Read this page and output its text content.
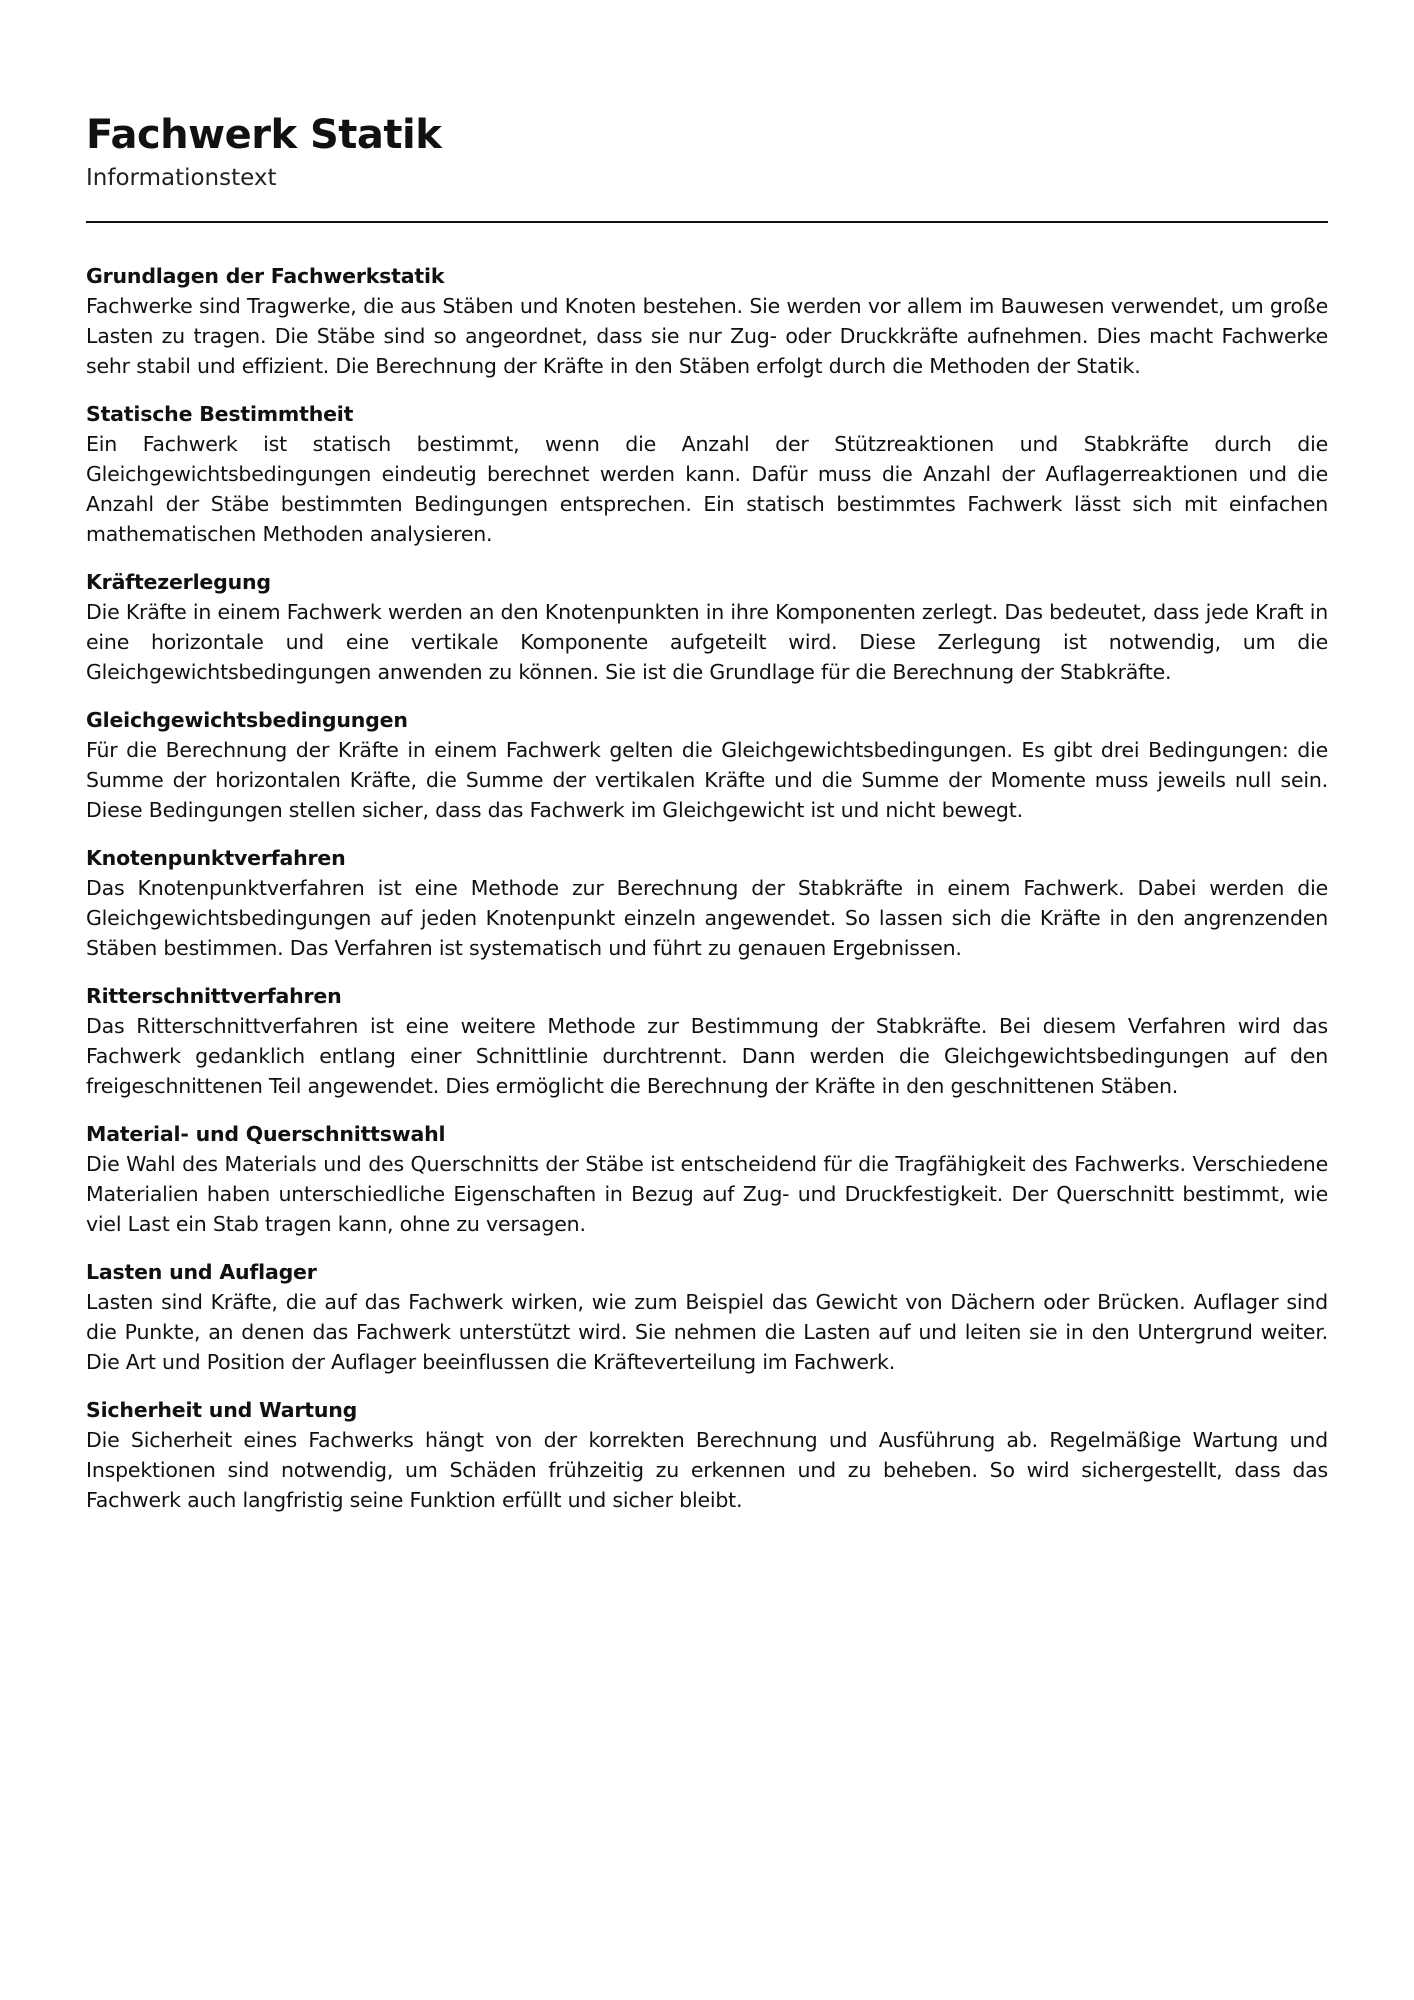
Fachwerk Statik
Informationstext
Grundlagen der Fachwerkstatik

Fachwerke sind Tragwerke, die aus Stäben und Knoten bestehen. Sie werden vor allem im Bauwesen verwendet, um große Lasten zu tragen. Die Stäbe sind so angeordnet, dass sie nur Zug- oder Druckkräfte aufnehmen. Dies macht Fachwerke sehr stabil und effizient. Die Berechnung der Kräfte in den Stäben erfolgt durch die Methoden der Statik.

Statische Bestimmtheit

Ein Fachwerk ist statisch bestimmt, wenn die Anzahl der Stützreaktionen und Stabkräfte durch die Gleichgewichtsbedingungen eindeutig berechnet werden kann. Dafür muss die Anzahl der Auflagerreaktionen und die Anzahl der Stäbe bestimmten Bedingungen entsprechen. Ein statisch bestimmtes Fachwerk lässt sich mit einfachen mathematischen Methoden analysieren.

Kräftezerlegung

Die Kräfte in einem Fachwerk werden an den Knotenpunkten in ihre Komponenten zerlegt. Das bedeutet, dass jede Kraft in eine horizontale und eine vertikale Komponente aufgeteilt wird. Diese Zerlegung ist notwendig, um die Gleichgewichtsbedingungen anwenden zu können. Sie ist die Grundlage für die Berechnung der Stabkräfte.

Gleichgewichtsbedingungen

Für die Berechnung der Kräfte in einem Fachwerk gelten die Gleichgewichtsbedingungen. Es gibt drei Bedingungen: die Summe der horizontalen Kräfte, die Summe der vertikalen Kräfte und die Summe der Momente muss jeweils null sein. Diese Bedingungen stellen sicher, dass das Fachwerk im Gleichgewicht ist und nicht bewegt.

Knotenpunktverfahren

Das Knotenpunktverfahren ist eine Methode zur Berechnung der Stabkräfte in einem Fachwerk. Dabei werden die Gleichgewichtsbedingungen auf jeden Knotenpunkt einzeln angewendet. So lassen sich die Kräfte in den angrenzenden Stäben bestimmen. Das Verfahren ist systematisch und führt zu genauen Ergebnissen.

Ritterschnittverfahren

Das Ritterschnittverfahren ist eine weitere Methode zur Bestimmung der Stabkräfte. Bei diesem Verfahren wird das Fachwerk gedanklich entlang einer Schnittlinie durchtrennt. Dann werden die Gleichgewichtsbedingungen auf den freigeschnittenen Teil angewendet. Dies ermöglicht die Berechnung der Kräfte in den geschnittenen Stäben.

Material- und Querschnittswahl

Die Wahl des Materials und des Querschnitts der Stäbe ist entscheidend für die Tragfähigkeit des Fachwerks. Verschiedene Materialien haben unterschiedliche Eigenschaften in Bezug auf Zug- und Druckfestigkeit. Der Querschnitt bestimmt, wie viel Last ein Stab tragen kann, ohne zu versagen.

Lasten und Auflager

Lasten sind Kräfte, die auf das Fachwerk wirken, wie zum Beispiel das Gewicht von Dächern oder Brücken. Auflager sind die Punkte, an denen das Fachwerk unterstützt wird. Sie nehmen die Lasten auf und leiten sie in den Untergrund weiter. Die Art und Position der Auflager beeinflussen die Kräfteverteilung im Fachwerk.

Sicherheit und Wartung

Die Sicherheit eines Fachwerks hängt von der korrekten Berechnung und Ausführung ab. Regelmäßige Wartung und Inspektionen sind notwendig, um Schäden frühzeitig zu erkennen und zu beheben. So wird sichergestellt, dass das Fachwerk auch langfristig seine Funktion erfüllt und sicher bleibt.
